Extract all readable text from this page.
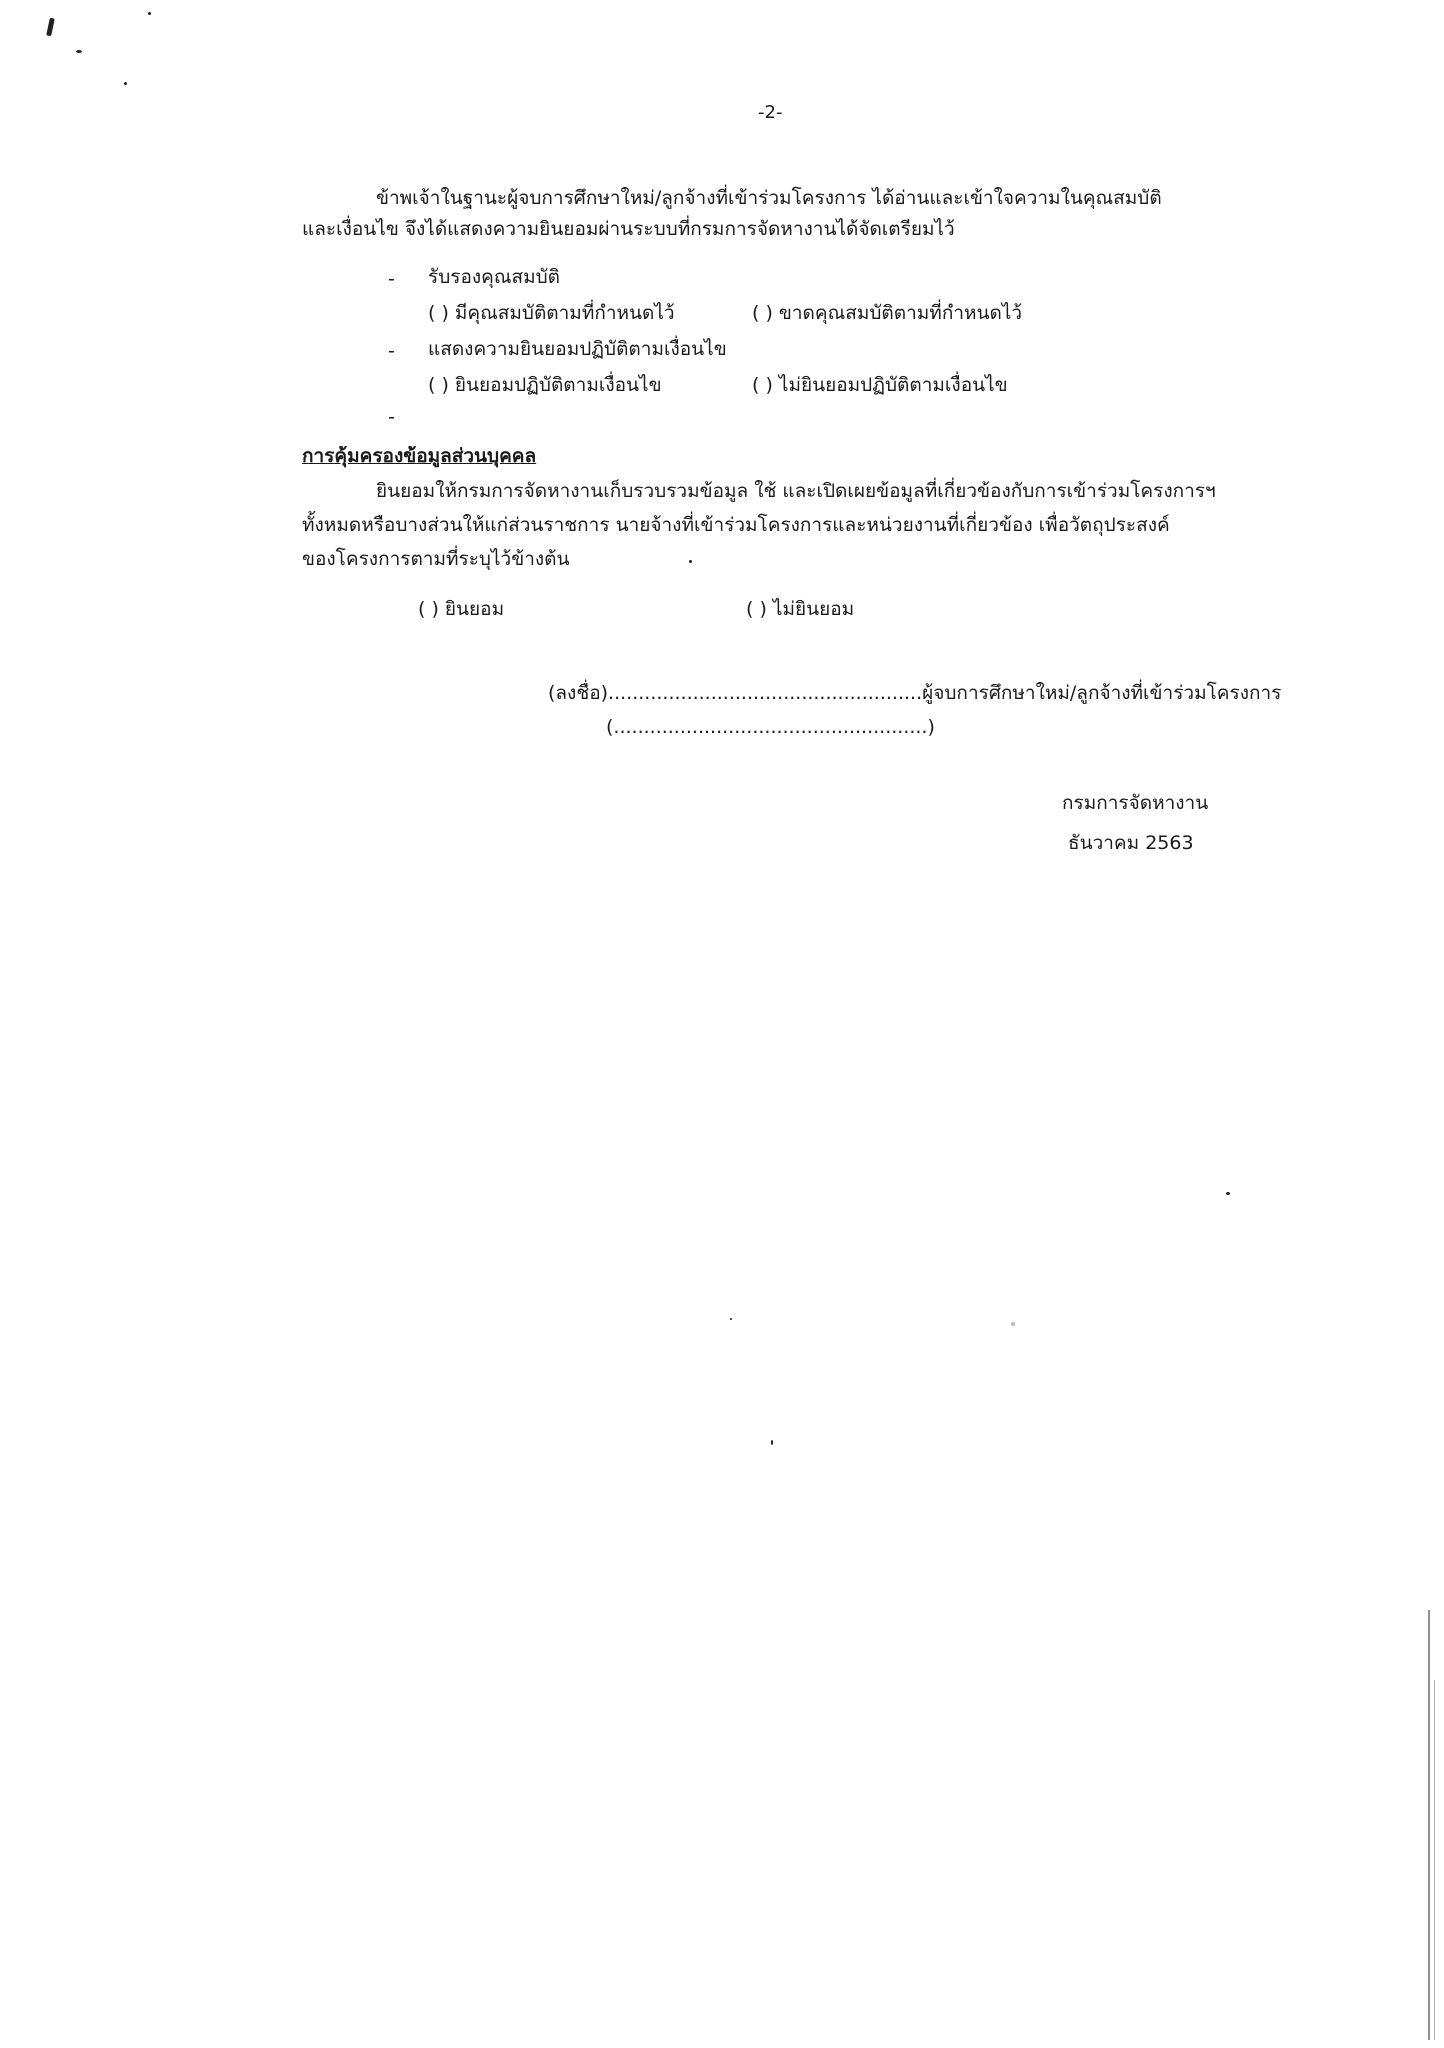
-2-
ข้าพเจ้าในฐานะผู้จบการศึกษาใหม่/ลูกจ้างที่เข้าร่วมโครงการ ได้อ่านและเข้าใจความในคุณสมบัติ
และเงื่อนไข จึงได้แสดงความยินยอมผ่านระบบที่กรมการจัดหางานได้จัดเตรียมไว้
- รับรองคุณสมบัติ
( ) มีคุณสมบัติตามที่กำหนดไว้	( ) ขาดคุณสมบัติตามที่กำหนดไว้
- แสดงความยินยอมปฏิบัติตามเงื่อนไข
( ) ยินยอมปฏิบัติตามเงื่อนไข	( ) ไม่ยินยอมปฏิบัติตามเงื่อนไข
-
การคุ้มครองข้อมูลส่วนบุคคล
ยินยอมให้กรมการจัดหางานเก็บรวบรวมข้อมูล ใช้ และเปิดเผยข้อมูลที่เกี่ยวข้องกับการเข้าร่วมโครงการฯ
ทั้งหมดหรือบางส่วนให้แก่ส่วนราชการ นายจ้างที่เข้าร่วมโครงการและหน่วยงานที่เกี่ยวข้อง เพื่อวัตถุประสงค์
ของโครงการตามที่ระบุไว้ข้างต้น
( ) ยินยอม	( ) ไม่ยินยอม
(ลงชื่อ)....................................................ผู้จบการศึกษาใหม่/ลูกจ้างที่เข้าร่วมโครงการ
(....................................................)
กรมการจัดหางาน
ธันวาคม 2563
